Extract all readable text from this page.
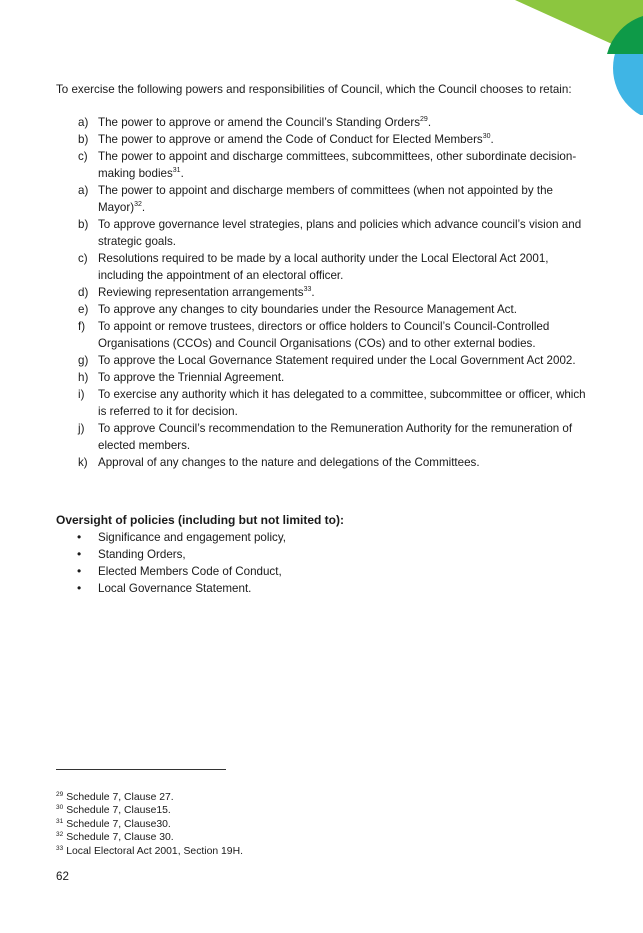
To exercise the following powers and responsibilities of Council, which the Council chooses to retain:

a) The power to approve or amend the Council’s Standing Orders$^{29}$.
b) The power to approve or amend the Code of Conduct for Elected Members$^{30}$.
c) The power to appoint and discharge committees, subcommittees, other subordinate decision-making bodies$^{31}$.
a) The power to appoint and discharge members of committees (when not appointed by the Mayor)$^{32}$.
b) To approve governance level strategies, plans and policies which advance council’s vision and strategic goals.
c) Resolutions required to be made by a local authority under the Local Electoral Act 2001, including the appointment of an electoral officer.
d) Reviewing representation arrangements$^{33}$.
e) To approve any changes to city boundaries under the Resource Management Act.
f) To appoint or remove trustees, directors or office holders to Council’s Council-Controlled Organisations (CCOs) and Council Organisations (COs) and to other external bodies.
g) To approve the Local Governance Statement required under the Local Government Act 2002.
h) To approve the Triennial Agreement.
i) To exercise any authority which it has delegated to a committee, subcommittee or officer, which is referred to it for decision.
j) To approve Council’s recommendation to the Remuneration Authority for the remuneration of elected members.
k) Approval of any changes to the nature and delegations of the Committees.
Oversight of policies (including but not limited to):
• Significance and engagement policy,
• Standing Orders,
• Elected Members Code of Conduct,
• Local Governance Statement.
$^{29}$ Schedule 7, Clause 27.
$^{30}$ Schedule 7, Clause15.
$^{31}$ Schedule 7, Clause30.
$^{32}$ Schedule 7, Clause 30.
$^{33}$ Local Electoral Act 2001, Section 19H.
62
